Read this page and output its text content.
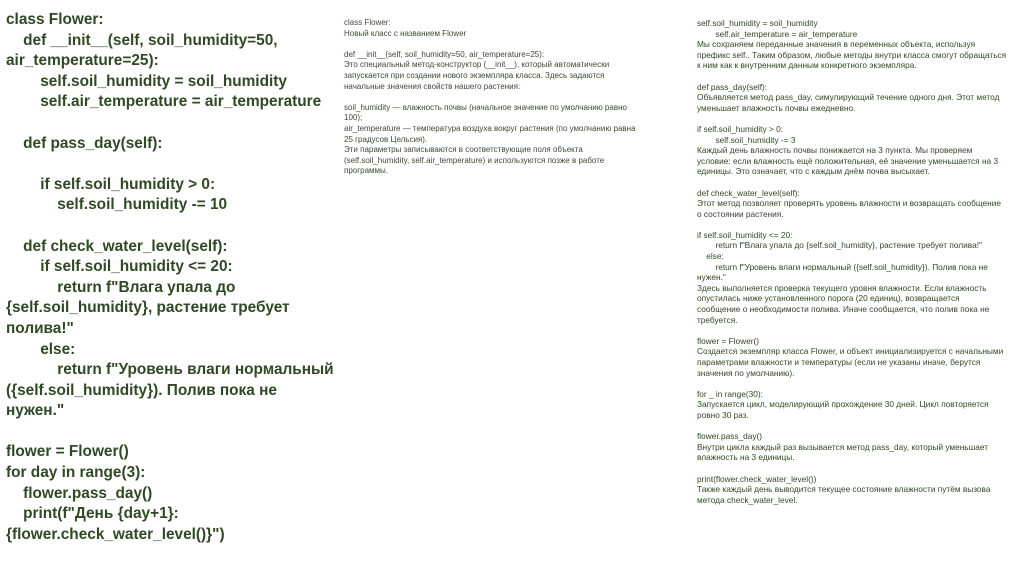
class Flower:
def __init__(self, soil_humidity=50,
air_temperature=25):
self.soil_humidity = soil_humidity
self.air_temperature = air_temperature
def pass_day(self):
if self.soil_humidity > 0:
self.soil_humidity -= 10
def check_water_level(self):
if self.soil_humidity <= 20:
return f"Влага упала до
{self.soil_humidity}, растение требует
полива!"
else:
return f"Уровень влаги нормальный
({self.soil_humidity}). Полив пока не
нужен."
flower = Flower()
for day in range(3):
flower.pass_day()
print(f"День {day+1}:
{flower.check_water_level()}")
class Flower:
Новый класс с названием Flower
def __init__(self, soil_humidity=50, air_temperature=25):
Это специальный метод-конструктор (__init__), который автоматически
запускается при создании нового экземпляра класса. Здесь задаются
начальные значения свойств нашего растения:
soil_humidity — влажность почвы (начальное значение по умолчанию равно
100);
air_temperature — температура воздуха вокруг растения (по умолчанию равна
25 градусов Цельсия).
Эти параметры записываются в соответствующие поля объекта
(self.soil_humidity, self.air_temperature) и используются позже в работе
программы.
self.soil_humidity = soil_humidity
self.air_temperature = air_temperature
Мы сохраняем переданные значения в переменных объекта, используя
префикс self.. Таким образом, любые методы внутри класса смогут обращаться
к ним как к внутренним данным конкретного экземпляра.
def pass_day(self):
Объявляется метод pass_day, симулирующий течение одного дня. Этот метод
уменьшает влажность почвы ежедневно.
if self.soil_humidity > 0:
self.soil_humidity -= 3
Каждый день влажность почвы понижается на 3 пункта. Мы проверяем
условие: если влажность ещё положительная, её значение уменьшается на 3
единицы. Это означает, что с каждым днём почва высыхает.
def check_water_level(self):
Этот метод позволяет проверять уровень влажности и возвращать сообщение
о состоянии растения.
if self.soil_humidity <= 20:
return f"Влага упала до {self.soil_humidity}, растение требует полива!"
else:
return f"Уровень влаги нормальный ({self.soil_humidity}). Полив пока не
нужен."
Здесь выполняется проверка текущего уровня влажности. Если влажность
опустилась ниже установленного порога (20 единиц), возвращается
сообщение о необходимости полива. Иначе сообщается, что полив пока не
требуется.
flower = Flower()
Создается экземпляр класса Flower, и объект инициализируется с начальными
параметрами влажности и температуры (если не указаны иначе, берутся
значения по умолчанию).
for _ in range(30):
Запускается цикл, моделирующий прохождение 30 дней. Цикл повторяется
ровно 30 раз.
flower.pass_day()
Внутри цикла каждый раз вызывается метод pass_day, который уменьшает
влажность на 3 единицы.
print(flower.check_water_level())
Также каждый день выводится текущее состояние влажности путём вызова
метода check_water_level.
